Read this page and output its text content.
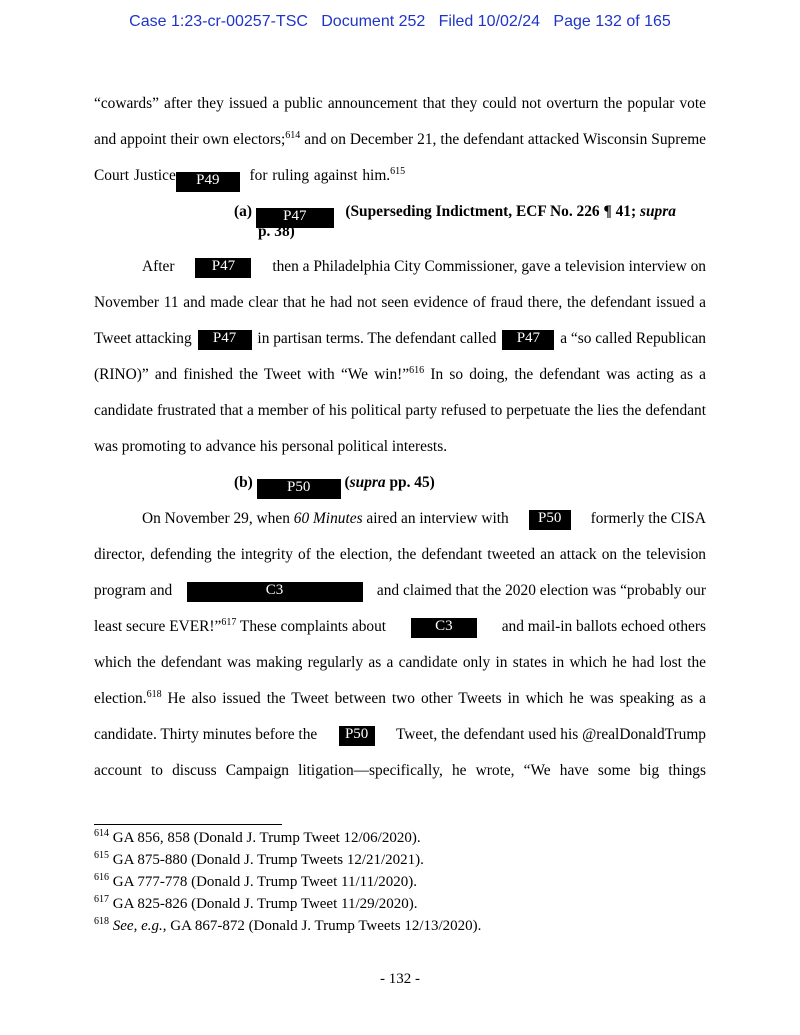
Case 1:23-cr-00257-TSC   Document 252   Filed 10/02/24   Page 132 of 165
“cowards” after they issued a public announcement that they could not overturn the popular vote
and appoint their own electors;$^{614}$ and on December 21, the defendant attacked Wisconsin Supreme
Court Justice P49 for ruling against him.$^{615}$
(a) P47	(Superseding Indictment, ECF No. 226 ¶ 41; supra
p. 38)
After	P47	then a Philadelphia City Commissioner, gave a television interview on
November 11 and made clear that he had not seen evidence of fraud there, the defendant issued a
Tweet attacking	P47	in partisan terms. The defendant called	P47	a “so called Republican
(RINO)” and finished the Tweet with “We win!”$^{616}$ In so doing, the defendant was acting as a
candidate frustrated that a member of his political party refused to perpetuate the lies the defendant
was promoting to advance his personal political interests.
(b) P50 (supra pp. 45)
On November 29, when 60 Minutes aired an interview with	P50	formerly the CISA
director, defending the integrity of the election, the defendant tweeted an attack on the television
program and	C3	and claimed that the 2020 election was “probably our
least secure EVER!”$^{617}$ These complaints about	C3	and mail-in ballots echoed others
which the defendant was making regularly as a candidate only in states in which he had lost the
election.$^{618}$ He also issued the Tweet between two other Tweets in which he was speaking as a
candidate. Thirty minutes before the	P50	Tweet, the defendant used his @realDonaldTrump
account to discuss Campaign litigation—specifically, he wrote, “We have some big things
$^{614}$ GA 856, 858 (Donald J. Trump Tweet 12/06/2020).
$^{615}$ GA 875-880 (Donald J. Trump Tweets 12/21/2021).
$^{616}$ GA 777-778 (Donald J. Trump Tweet 11/11/2020).
$^{617}$ GA 825-826 (Donald J. Trump Tweet 11/29/2020).
$^{618}$ See, e.g., GA 867-872 (Donald J. Trump Tweets 12/13/2020).
- 132 -
